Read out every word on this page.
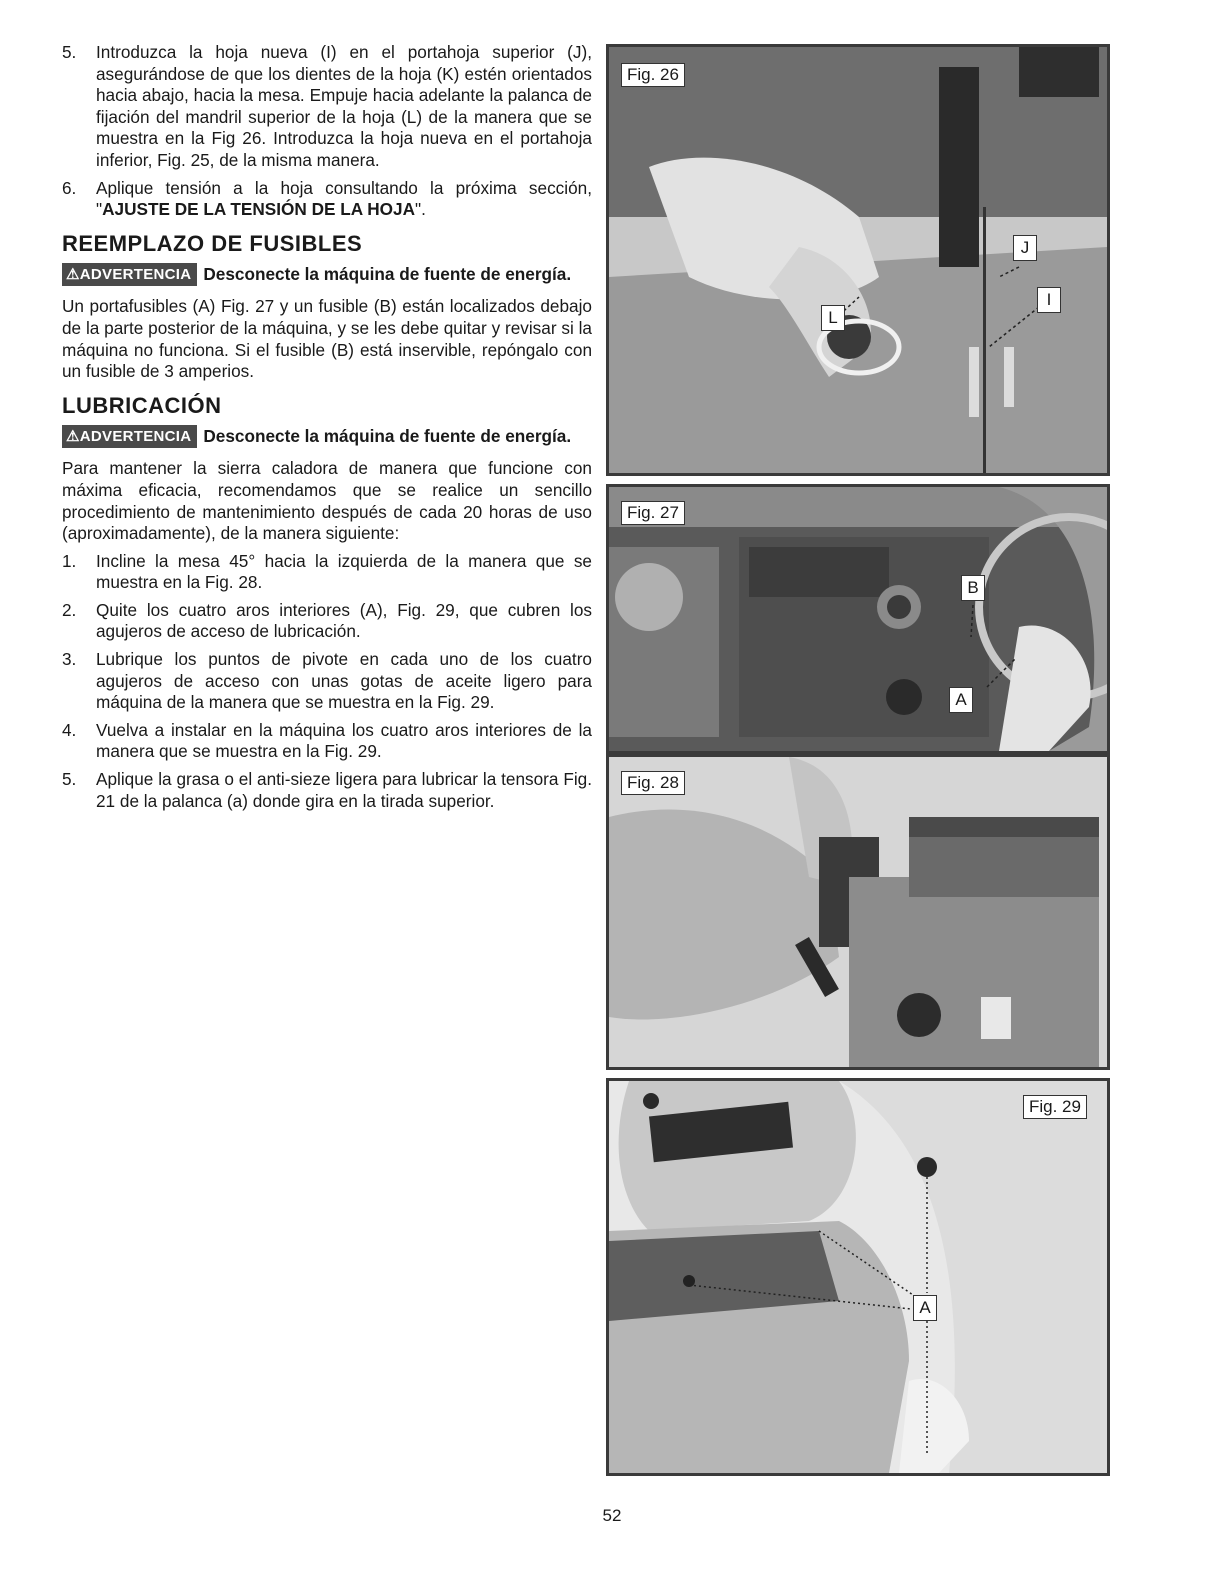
5.	Introduzca la hoja nueva (I) en el portahoja superior (J), asegurándose de que los dientes de la hoja (K) estén orientados hacia abajo, hacia la mesa. Empuje hacia adelante la palanca de fijación del mandril superior de la hoja (L) de la manera que se muestra en la Fig 26. Introduzca la hoja nueva en el portahoja inferior, Fig. 25, de la misma manera.
6.	Aplique tensión a la hoja consultando la próxima sección, "AJUSTE DE LA TENSIÓN DE LA HOJA".
REEMPLAZO DE FUSIBLES
⚠ADVERTENCIA Desconecte la máquina de fuente de energía.

Un portafusibles (A) Fig. 27 y un fusible (B) están localizados debajo de la parte posterior de la máquina, y se les debe quitar y revisar si la máquina no funciona. Si el fusible (B) está inservible, repóngalo con un fusible de 3 amperios.

LUBRICACIÓN
⚠ADVERTENCIA Desconecte la máquina de fuente de energía.

Para mantener la sierra caladora de manera que funcione con máxima eficacia, recomendamos que se realice un sencillo procedimiento de mantenimiento después de cada 20 horas de uso (aproximadamente), de la manera siguiente:

1.	Incline la mesa 45° hacia la izquierda de la manera que se muestra en la Fig. 28.
2.	Quite los cuatro aros interiores (A), Fig. 29, que cubren los agujeros de acceso de lubricación.
3.	Lubrique los puntos de pivote en cada uno de los cuatro agujeros de acceso con unas gotas de aceite ligero para máquina de la manera que se muestra en la Fig. 29.
4.	Vuelva a instalar en la máquina los cuatro aros interiores de la manera que se muestra en la Fig. 29.
5.	Aplique la grasa o el anti-sieze ligera para lubricar la tensora Fig. 21 de la palanca (a) donde gira en la tirada superior.
Fig. 26
J
I
L
Fig. 27
B
A
Fig. 28
Fig. 29
A
52
